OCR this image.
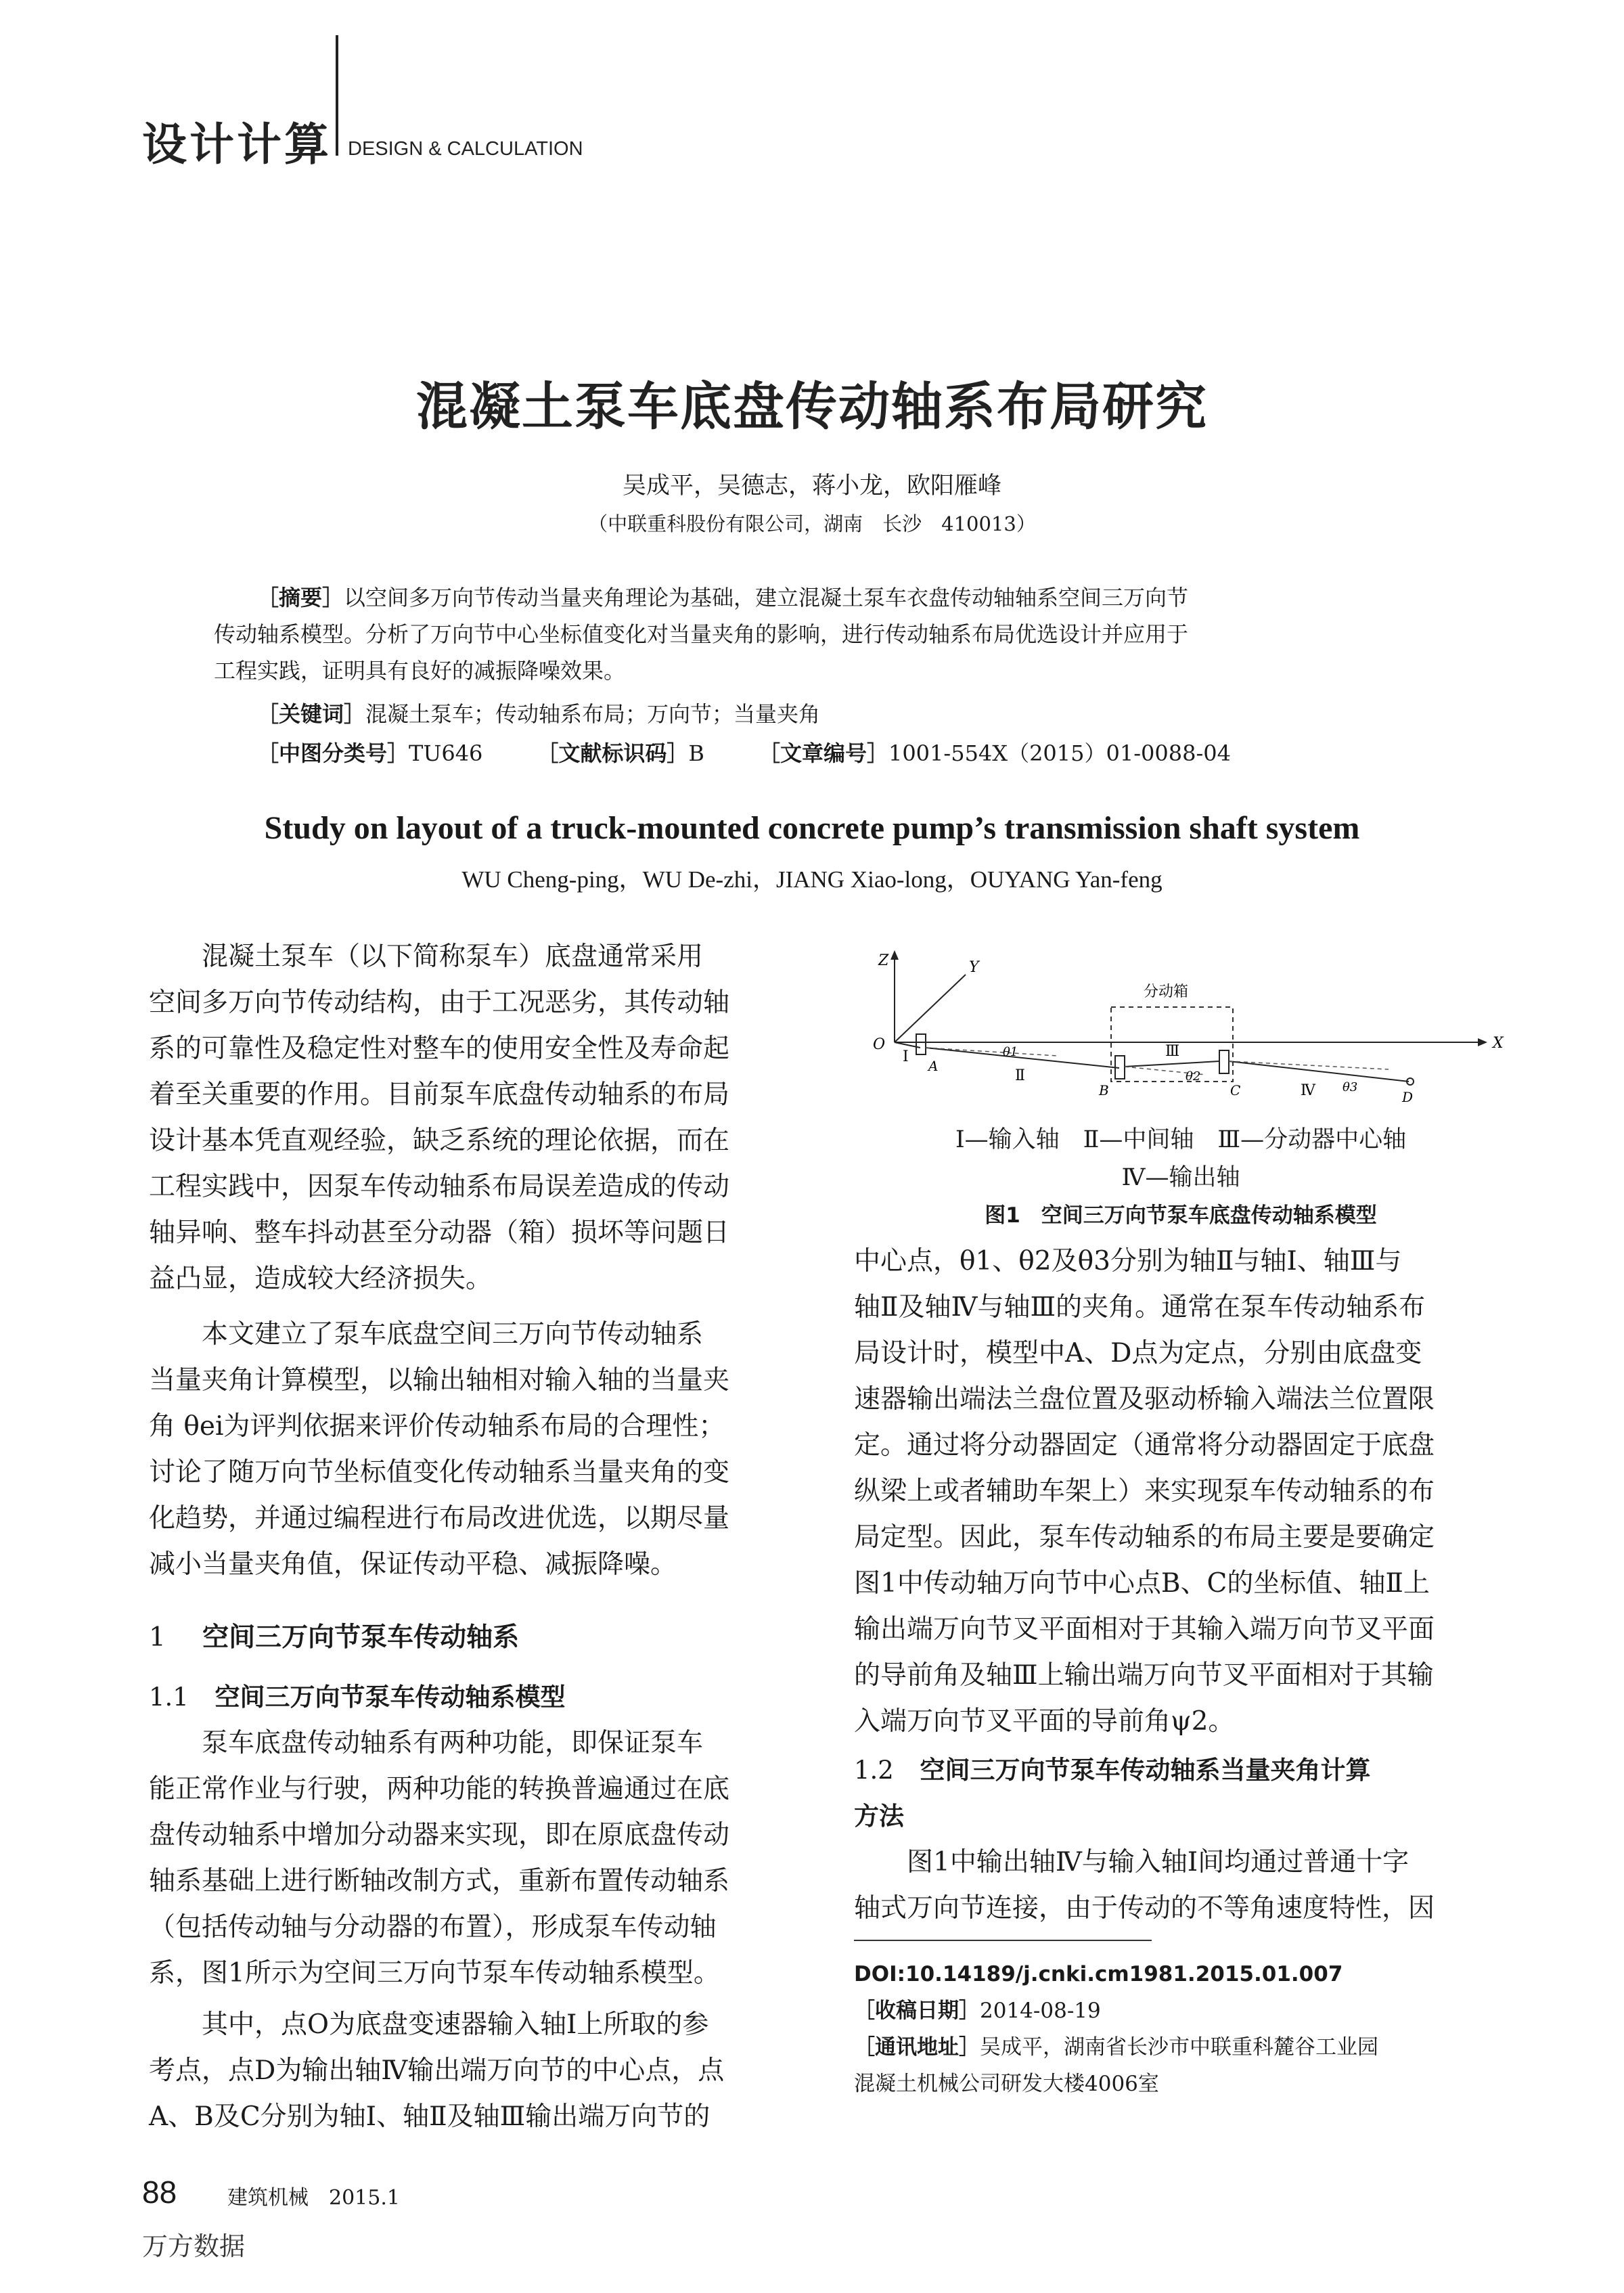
设计计算 DESIGN & CALCULATION
混凝土泵车底盘传动轴系布局研究
吴成平，吴德志，蒋小龙，欧阳雁峰
（中联重科股份有限公司，湖南　长沙　410013）
［摘要］以空间多万向节传动当量夹角理论为基础，建立混凝土泵车衣盘传动轴轴系空间三万向节
传动轴系模型。分析了万向节中心坐标值变化对当量夹角的影响，进行传动轴系布局优选设计并应用于
工程实践，证明具有良好的减振降噪效果。
［关键词］混凝土泵车；传动轴系布局；万向节；当量夹角
［中图分类号］TU646	［文献标识码］B	［文章编号］1001-554X（2015）01-0088-04
Study on layout of a truck-mounted concrete pump’s transmission shaft system
WU Cheng-ping，WU De-zhi，JIANG Xiao-long，OUYANG Yan-feng

混凝土泵车（以下简称泵车）底盘通常采用
空间多万向节传动结构，由于工况恶劣，其传动轴
系的可靠性及稳定性对整车的使用安全性及寿命起
着至关重要的作用。目前泵车底盘传动轴系的布局
设计基本凭直观经验，缺乏系统的理论依据，而在
工程实践中，因泵车传动轴系布局误差造成的传动
轴异响、整车抖动甚至分动器（箱）损坏等问题日
益凸显，造成较大经济损失。

本文建立了泵车底盘空间三万向节传动轴系
当量夹角计算模型，以输出轴相对输入轴的当量夹
角 θei为评判依据来评价传动轴系布局的合理性；
讨论了随万向节坐标值变化传动轴系当量夹角的变
化趋势，并通过编程进行布局改进优选，以期尽量
减小当量夹角值，保证传动平稳、减振降噪。

1 空间三万向节泵车传动轴系
1.1 空间三万向节泵车传动轴系模型

泵车底盘传动轴系有两种功能，即保证泵车
能正常作业与行驶，两种功能的转换普遍通过在底
盘传动轴系中增加分动器来实现，即在原底盘传动
轴系基础上进行断轴改制方式，重新布置传动轴系
（包括传动轴与分动器的布置），形成泵车传动轴
系，图1所示为空间三万向节泵车传动轴系模型。

其中，点O为底盘变速器输入轴Ⅰ上所取的参
考点，点D为输出轴Ⅳ输出端万向节的中心点，点
A、B及C分别为轴Ⅰ、轴Ⅱ及轴Ⅲ输出端万向节的

Z	Y
X
O
分动箱
Ⅰ
A
θ1
Ⅱ
B
Ⅲ
θ2
C	Ⅳ θ3
D
Ⅰ—输入轴　Ⅱ—中间轴　Ⅲ—分动器中心轴
Ⅳ—输出轴
图1　空间三万向节泵车底盘传动轴系模型
中心点，θ1、θ2及θ3分别为轴Ⅱ与轴Ⅰ、轴Ⅲ与
轴Ⅱ及轴Ⅳ与轴Ⅲ的夹角。通常在泵车传动轴系布
局设计时，模型中A、D点为定点，分别由底盘变
速器输出端法兰盘位置及驱动桥输入端法兰位置限
定。通过将分动器固定（通常将分动器固定于底盘
纵梁上或者辅助车架上）来实现泵车传动轴系的布
局定型。因此，泵车传动轴系的布局主要是要确定
图1中传动轴万向节中心点B、C的坐标值、轴Ⅱ上
输出端万向节叉平面相对于其输入端万向节叉平面
的导前角及轴Ⅲ上输出端万向节叉平面相对于其输
入端万向节叉平面的导前角ψ2。
1.2 空间三万向节泵车传动轴系当量夹角计算
方法

图1中输出轴Ⅳ与输入轴Ⅰ间均通过普通十字
轴式万向节连接，由于传动的不等角速度特性，因

DOI:10.14189/j.cnki.cm1981.2015.01.007
［收稿日期］2014-08-19
［通讯地址］吴成平，湖南省长沙市中联重科麓谷工业园
混凝土机械公司研发大楼4006室
88 建筑机械　2015.1
万方数据
